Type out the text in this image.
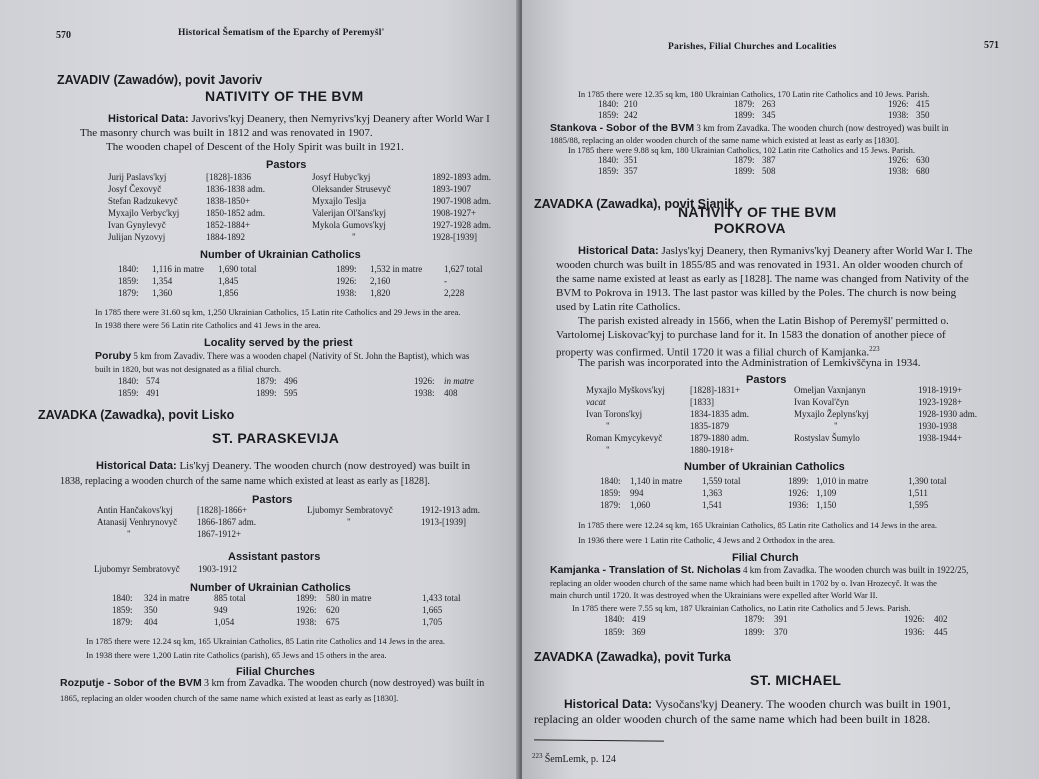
570	Historical Šematism of the Eparchy of Peremyšl'
ZAVADIV (Zawadów), povit Javoriv
NATIVITY OF THE BVM
Historical Data: Javorivs'kyj Deanery, then Nemyrivs'kyj Deanery after World War I
The masonry church was built in 1812 and was renovated in 1907.
The wooden chapel of Descent of the Holy Spirit was built in 1921.
Pastors
Jurij Paslavs'kyj	[1828]-1836	Josyf Hubyc'kyj	1892-1893 adm.
Josyf Čexovyč	1836-1838 adm.	Oleksander Strusevyč	1893-1907
Stefan Radzukevyč	1838-1850+	Myxajlo Teslja	1907-1908 adm.
Myxajlo Verbyc'kyj	1850-1852 adm.	Valerijan Ol'šans'kyj	1908-1927+
Ivan Gynylevyč	1852-1884+	Mykola Gumovs'kyj	1927-1928 adm.
Julijan Nyzovyj	1884-1892	"	1928-[1939]
Number of Ukrainian Catholics
1840:	1,116 in matre	1,690 total	1899:	1,532 in matre	1,627 total
1859:	1,354	1,845	1926:	2,160	-
1879:	1,360	1,856	1938:	1,820	2,228
In 1785 there were 31.60 sq km, 1,250 Ukrainian Catholics, 15 Latin rite Catholics and 29 Jews in the area.
In 1938 there were 56 Latin rite Catholics and 41 Jews in the area.
Locality served by the priest
Poruby 5 km from Zavadiv. There was a wooden chapel (Nativity of St. John the Baptist), which was
built in 1820, but was not designated as a filial church.
1840: 574	1879: 496	1926:	in matre
1859: 491	1899: 595	1938:	408
ZAVADKA (Zawadka), povit Lisko
ST. PARASKEVIJA
Historical Data: Lis'kyj Deanery. The wooden church (now destroyed) was built in
1838, replacing a wooden church of the same name which existed at least as early as [1828].
Pastors
Antin Hančakovs'kyj	[1828]-1866+	Ljubomyr Sembratovyč	1912-1913 adm.
Atanasij Venhrynovyč	1866-1867 adm.	"	1913-[1939]
"	1867-1912+
Assistant pastors
Ljubomyr Sembratovyč	1903-1912
Number of Ukrainian Catholics
1840:	324 in matre	885 total	1899:	580 in matre	1,433 total
1859:	350	949	1926:	620	1,665
1879:	404	1,054	1938:	675	1,705
In 1785 there were 12.24 sq km, 165 Ukrainian Catholics, 85 Latin rite Catholics and 14 Jews in the area.
In 1938 there were 1,200 Latin rite Catholics (parish), 65 Jews and 15 others in the area.
Filial Churches
Rozputje - Sobor of the BVM 3 km from Zavadka. The wooden church (now destroyed) was built in
1865, replacing an older wooden church of the same name which existed at least as early as [1830].
Parishes, Filial Churches and Localities	571
In 1785 there were 12.35 sq km, 180 Ukrainian Catholics, 170 Latin rite Catholics and 10 Jews. Parish.
1840: 210	1879: 263	1926: 415
1859: 242	1899: 345	1938: 350
Stankova - Sobor of the BVM 3 km from Zavadka. The wooden church (now destroyed) was built in
1885/88, replacing an older wooden church of the same name which existed at least as early as [1830].
In 1785 there were 9.88 sq km, 180 Ukrainian Catholics, 102 Latin rite Catholics and 15 Jews. Parish.
1840: 351	1879: 387	1926: 630
1859: 357	1899: 508	1938: 680
ZAVADKA (Zawadka), povit Sjanik
NATIVITY OF THE BVM
POKROVA
Historical Data: Jaslys'kyj Deanery, then Rymanivs'kyj Deanery after World War I. The
wooden church was built in 1855/85 and was renovated in 1931. An older wooden church of
the same name existed at least as early as [1828]. The name was changed from Nativity of the
BVM to Pokrova in 1913. The last pastor was killed by the Poles. The church is now being
used by Latin rite Catholics.
The parish existed already in 1566, when the Latin Bishop of Peremyšl' permitted o.
Vartolomej Liskovac'kyj to purchase land for it. In 1583 the donation of another piece of
property was confirmed. Until 1720 it was a filial church of Kamjanka.$^{223}$
The parish was incorporated into the Administration of Lemkivščyna in 1934.
Pastors
Myxajlo Myškovs'kyj	[1828]-1831+	Omeljan Vaxnjanyn	1918-1919+
vacat	[1833]	Ivan Koval'čyn	1923-1928+
Ivan Torons'kyj	1834-1835 adm.	Myxajlo Žeplyns'kyj	1928-1930 adm.
"	1835-1879	"	1930-1938
Roman Kmycykevyč	1879-1880 adm.	Rostyslav Šumylo	1938-1944+
"	1880-1918+
Number of Ukrainian Catholics
1840:	1,140 in matre	1,559 total	1899: 1,010 in matre	1,390 total
1859:	994	1,363	1926: 1,109	1,511
1879:	1,060	1,541	1936: 1,150	1,595
In 1785 there were 12.24 sq km, 165 Ukrainian Catholics, 85 Latin rite Catholics and 14 Jews in the area.
In 1936 there were 1 Latin rite Catholic, 4 Jews and 2 Orthodox in the area.
Filial Church
Kamjanka - Translation of St. Nicholas 4 km from Zavadka. The wooden church was built in 1922/25,
replacing an older wooden church of the same name which had been built in 1702 by o. Ivan Hrozecyč. It was the
main church until 1720. It was destroyed when the Ukrainians were expelled after World War II.
In 1785 there were 7.55 sq km, 187 Ukrainian Catholics, no Latin rite Catholics and 5 Jews. Parish.
1840: 419	1879:	391	1926:	402
1859: 369	1899:	370	1936:	445
ZAVADKA (Zawadka), povit Turka
ST. MICHAEL
Historical Data: Vysočans'kyj Deanery. The wooden church was built in 1901,
replacing an older wooden church of the same name which had been built in 1828.
$^{223}$ ŠemLemk, p. 124
